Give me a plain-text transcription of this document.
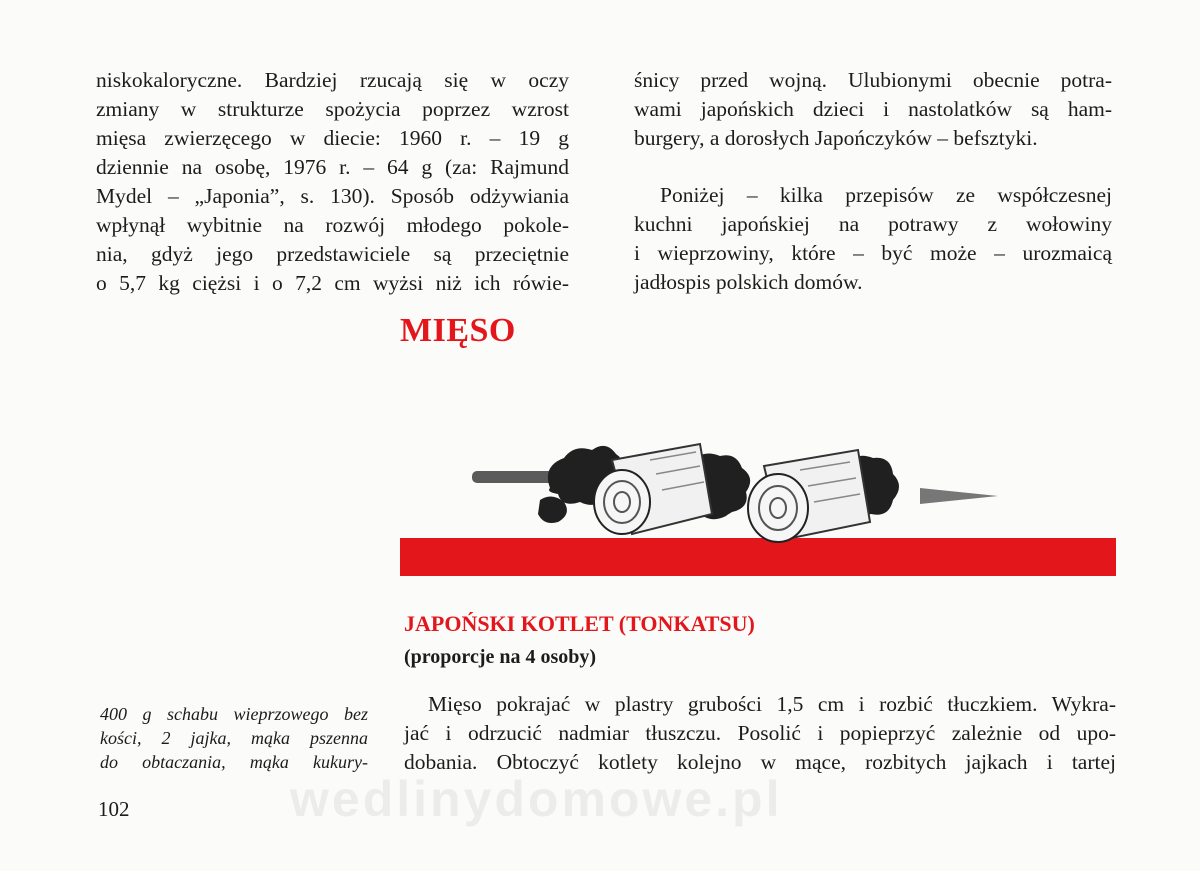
niskokaloryczne. Bardziej rzucają się w oczy
zmiany w strukturze spożycia poprzez wzrost
mięsa zwierzęcego w diecie: 1960 r. – 19 g
dziennie na osobę, 1976 r. – 64 g (za: Rajmund
Mydel – „Japonia”, s. 130). Sposób odżywiania
wpłynął wybitnie na rozwój młodego pokole-
nia, gdyż jego przedstawiciele są przeciętnie
o 5,7 kg ciężsi i o 7,2 cm wyżsi niż ich rówie-
śnicy przed wojną. Ulubionymi obecnie potra-
wami japońskich dzieci i nastolatków są ham-
burgery, a dorosłych Japończyków – befsztyki.
Poniżej – kilka przepisów ze współczesnej
kuchni japońskiej na potrawy z wołowiny
i wieprzowiny, które – być może – urozmaicą
jadłospis polskich domów.
MIĘSO
JAPOŃSKI KOTLET (TONKATSU)

(proporcje na 4 osoby)

400 g schabu wieprzowego bez
kości, 2 jajka, mąka pszenna
do obtaczania, mąka kukury-
Mięso pokrajać w plastry grubości 1,5 cm i rozbić tłuczkiem. Wykra-
jać i odrzucić nadmiar tłuszczu. Posolić i popieprzyć zależnie od upo-
dobania. Obtoczyć kotlety kolejno w mące, rozbitych jajkach i tartej
102	wedlinydomowe.pl
